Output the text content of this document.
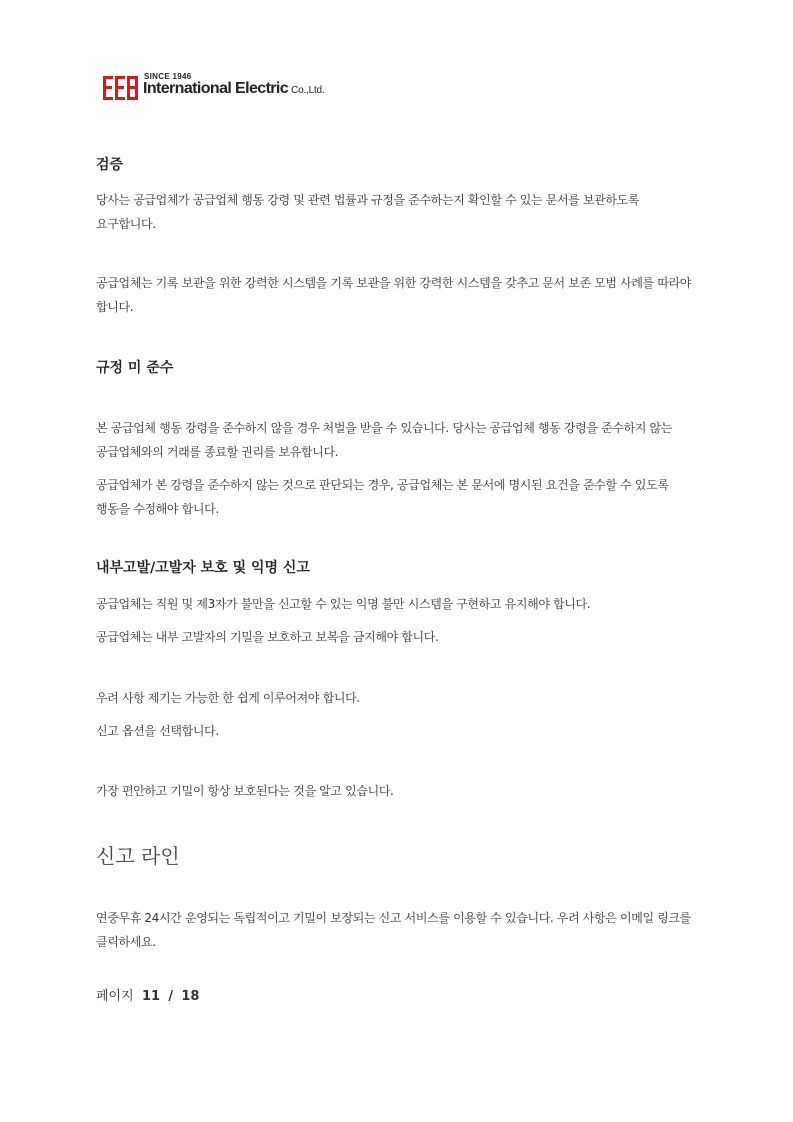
SINCE 1946
International Electric Co.,Ltd.
검증

당사는 공급업체가 공급업체 행동 강령 및 관련 법률과 규정을 준수하는지 확인할 수 있는 문서를 보관하도록 요구합니다.

공급업체는 기록 보관을 위한 강력한 시스템을 기록 보관을 위한 강력한 시스템을 갖추고 문서 보존 모범 사례를 따라야 합니다.

규정 미 준수

본 공급업체 행동 강령을 준수하지 않을 경우 처벌을 받을 수 있습니다. 당사는 공급업체 행동 강령을 준수하지 않는 공급업체와의 거래를 종료할 권리를 보유합니다.

공급업체가 본 강령을 준수하지 않는 것으로 판단되는 경우, 공급업체는 본 문서에 명시된 요건을 준수할 수 있도록 행동을 수정해야 합니다.

내부고발/고발자 보호 및 익명 신고

공급업체는 직원 및 제3자가 불만을 신고할 수 있는 익명 불만 시스템을 구현하고 유지해야 합니다.

공급업체는 내부 고발자의 기밀을 보호하고 보복을 금지해야 합니다.

우려 사항 제기는 가능한 한 쉽게 이루어져야 합니다.

신고 옵션을 선택합니다.

가장 편안하고 기밀이 항상 보호된다는 것을 알고 있습니다.

신고 라인

연중무휴 24시간 운영되는 독립적이고 기밀이 보장되는 신고 서비스를 이용할 수 있습니다. 우려 사항은 이메일 링크를 클릭하세요.

페이지 11 / 18
